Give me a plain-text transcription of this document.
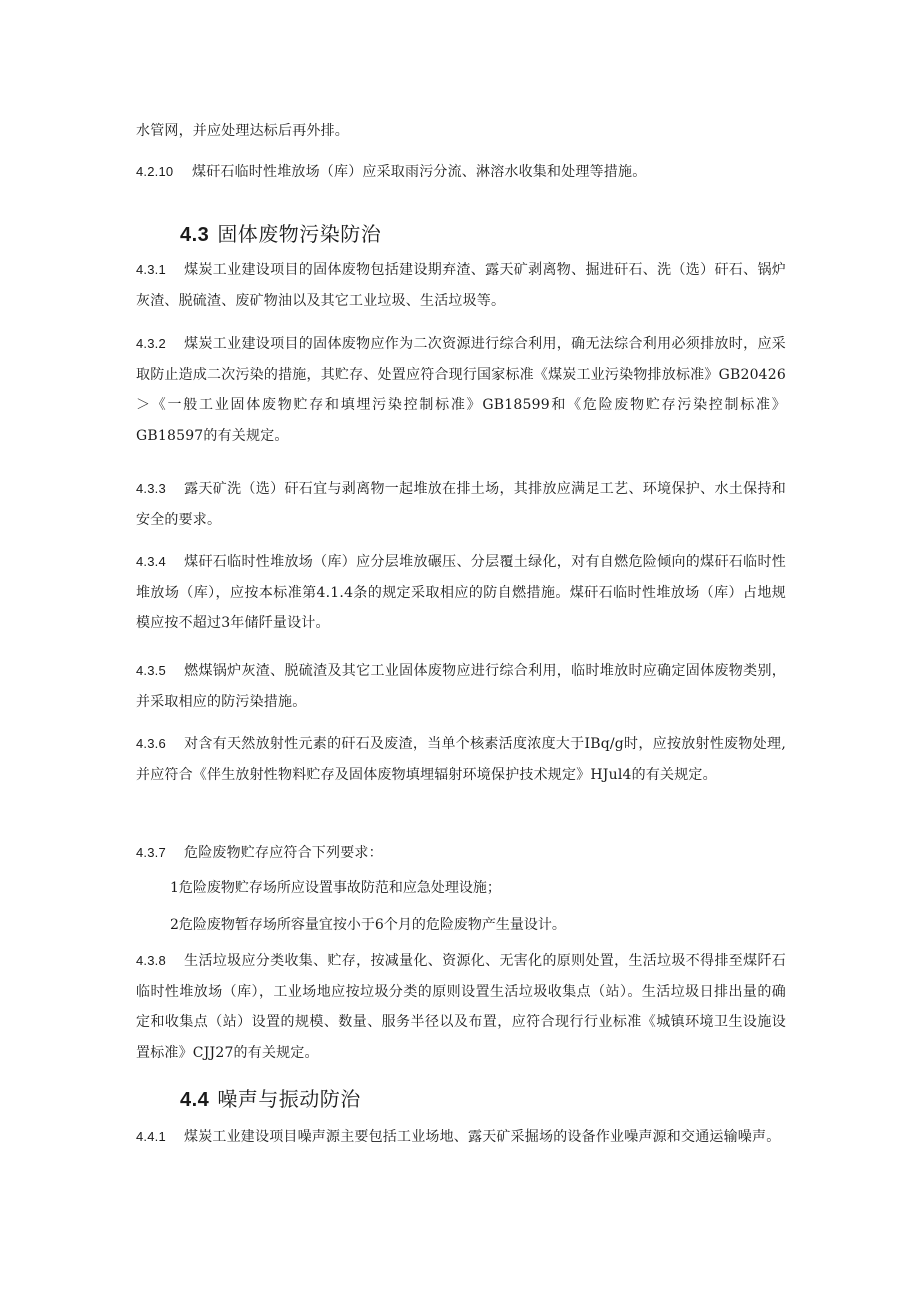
水管网，并应处理达标后再外排。
4.2.10 煤矸石临时性堆放场（库）应采取雨污分流、淋溶水收集和处理等措施。
4.3 固体废物污染防治
4.3.1 煤炭工业建设项目的固体废物包括建设期弃渣、露天矿剥离物、掘进矸石、洗（选）矸石、锅炉灰渣、脱硫渣、废矿物油以及其它工业垃圾、生活垃圾等。
4.3.2 煤炭工业建设项目的固体废物应作为二次资源进行综合利用，确无法综合利用必须排放时，应采取防止造成二次污染的措施，其贮存、处置应符合现行国家标准《煤炭工业污染物排放标准》GB20426＞《一般工业固体废物贮存和填埋污染控制标准》GB18599和《危险废物贮存污染控制标准》GB18597的有关规定。
4.3.3 露天矿洗（选）矸石宜与剥离物一起堆放在排土场，其排放应满足工艺、环境保护、水土保持和安全的要求。
4.3.4 煤矸石临时性堆放场（库）应分层堆放碾压、分层覆土绿化，对有自燃危险倾向的煤矸石临时性堆放场（库），应按本标准第4.1.4条的规定采取相应的防自燃措施。煤矸石临时性堆放场（库）占地规模应按不超过3年储阡量设计。
4.3.5 燃煤锅炉灰渣、脱硫渣及其它工业固体废物应进行综合利用，临时堆放时应确定固体废物类别，并采取相应的防污染措施。
4.3.6 对含有天然放射性元素的矸石及废渣，当单个核素活度浓度大于IBq/g时，应按放射性废物处理,并应符合《伴生放射性物料贮存及固体废物填埋辐射环境保护技术规定》HJul4的有关规定。
4.3.7 危险废物贮存应符合下列要求：
1危险废物贮存场所应设置事故防范和应急处理设施；
2危险废物暂存场所容量宜按小于6个月的危险废物产生量设计。
4.3.8 生活垃圾应分类收集、贮存，按减量化、资源化、无害化的原则处置，生活垃圾不得排至煤阡石临时性堆放场（库），工业场地应按垃圾分类的原则设置生活垃圾收集点（站）。生活垃圾日排出量的确定和收集点（站）设置的规模、数量、服务半径以及布置，应符合现行行业标准《城镇环境卫生设施设置标准》CJJ27的有关规定。
4.4 噪声与振动防治
4.4.1 煤炭工业建设项目噪声源主要包括工业场地、露天矿采掘场的设备作业噪声源和交通运输噪声。
